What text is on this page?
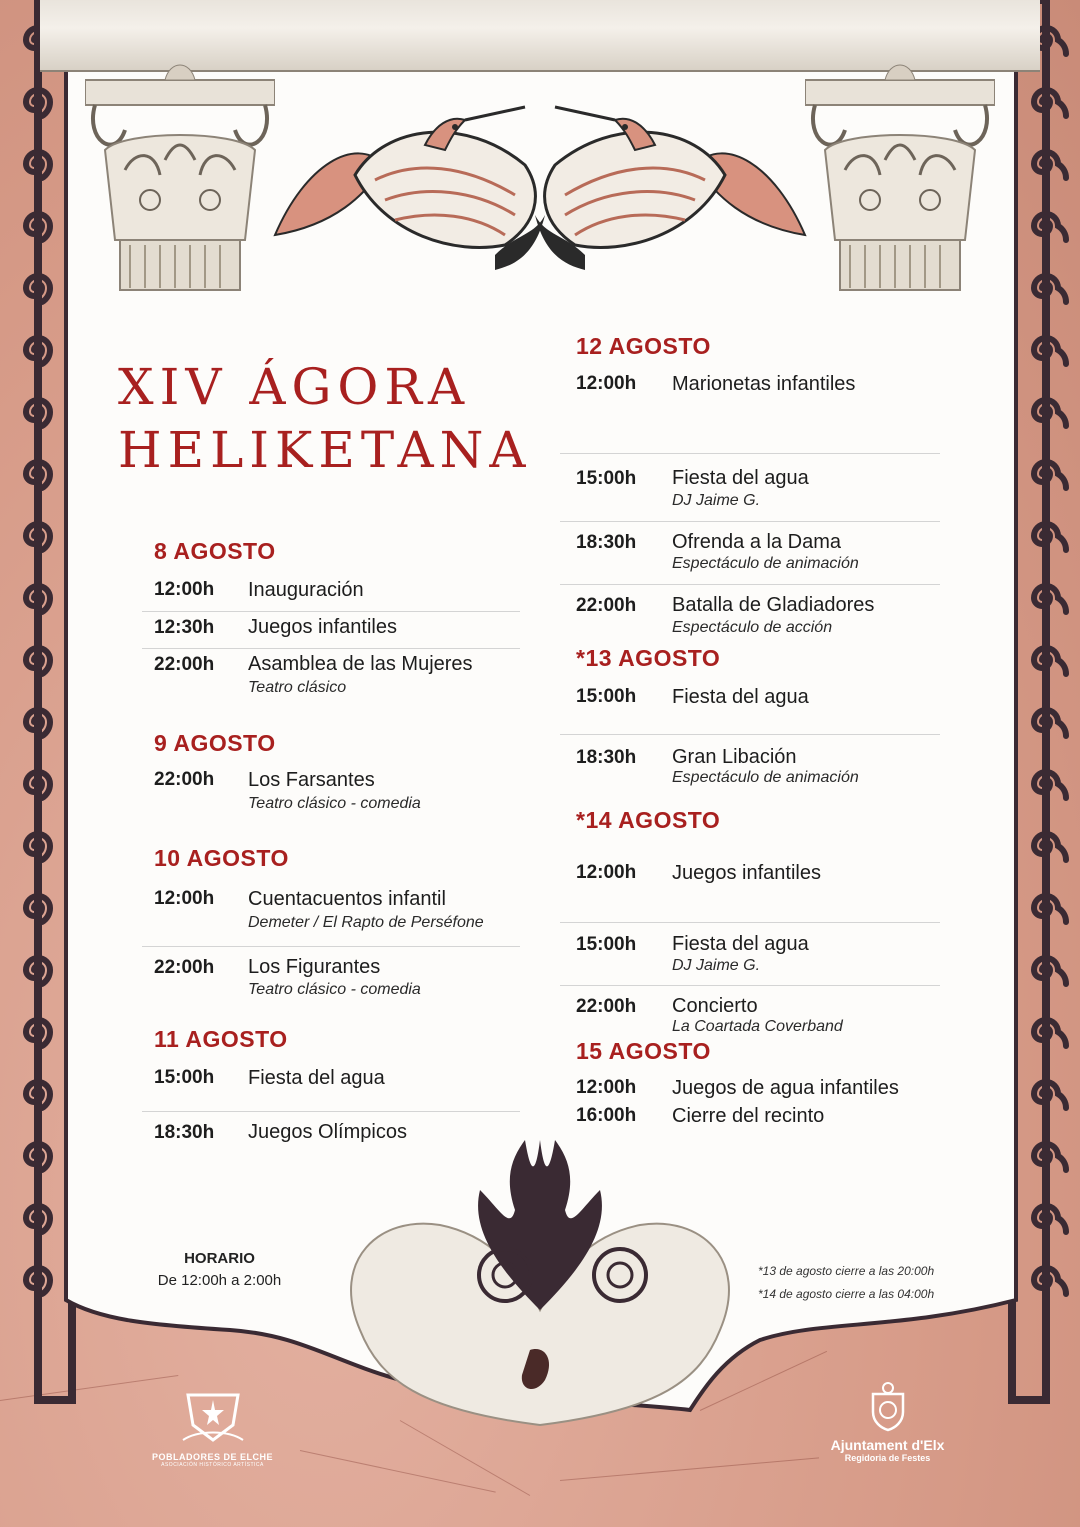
XIV ÁGORA
HELIKETANA
8 AGOSTO
12:00h Inauguración
12:30h Juegos infantiles
22:00h Asamblea de las Mujeres
Teatro clásico
9 AGOSTO
22:00h Los Farsantes
Teatro clásico - comedia
10 AGOSTO
12:00h Cuentacuentos infantil
Demeter / El Rapto de Perséfone
22:00h Los Figurantes
Teatro clásico - comedia
11 AGOSTO
15:00h Fiesta del agua
18:30h Juegos Olímpicos
12 AGOSTO
12:00h Marionetas infantiles
15:00h Fiesta del agua
DJ Jaime G.
18:30h Ofrenda a la Dama
Espectáculo de animación
22:00h Batalla de Gladiadores
Espectáculo de acción
*13 AGOSTO
15:00h Fiesta del agua
18:30h Gran Libación
Espectáculo de animación
*14 AGOSTO
12:00h Juegos infantiles
15:00h Fiesta del agua
DJ Jaime G.
22:00h Concierto
La Coartada Coverband
15 AGOSTO
12:00h Juegos de agua infantiles
16:00h Cierre del recinto
HORARIO
De 12:00h a 2:00h
*13 de agosto cierre a las 20:00h
*14 de agosto cierre a las 04:00h
POBLADORES DE ELCHE
ASOCIACIÓN HISTÓRICO ARTÍSTICA
Ajuntament d'Elx
Regidoria de Festes
